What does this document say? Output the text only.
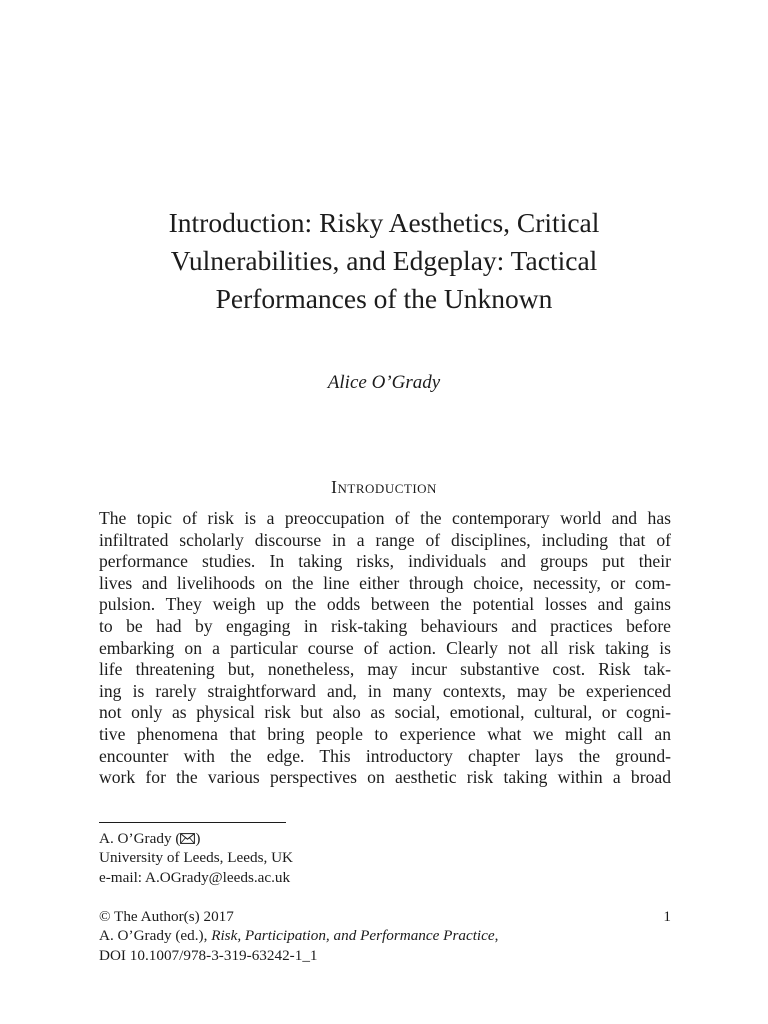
Introduction: Risky Aesthetics, Critical
Vulnerabilities, and Edgeplay: Tactical
Performances of the Unknown

Alice O’Grady

Introduction

The topic of risk is a preoccupation of the contemporary world and has
infiltrated scholarly discourse in a range of disciplines, including that of
performance studies. In taking risks, individuals and groups put their
lives and livelihoods on the line either through choice, necessity, or com-
pulsion. They weigh up the odds between the potential losses and gains
to be had by engaging in risk-taking behaviours and practices before
embarking on a particular course of action. Clearly not all risk taking is
life threatening but, nonetheless, may incur substantive cost. Risk tak-
ing is rarely straightforward and, in many contexts, may be experienced
not only as physical risk but also as social, emotional, cultural, or cogni-
tive phenomena that bring people to experience what we might call an
encounter with the edge. This introductory chapter lays the ground-
work for the various perspectives on aesthetic risk taking within a broad

A. O’Grady ( )
University of Leeds, Leeds, UK
e-mail: A.OGrady@leeds.ac.uk
© The Author(s) 2017
A. O’Grady (ed.), Risk, Participation, and Performance Practice,
DOI 10.1007/978-3-319-63242-1_1
1
